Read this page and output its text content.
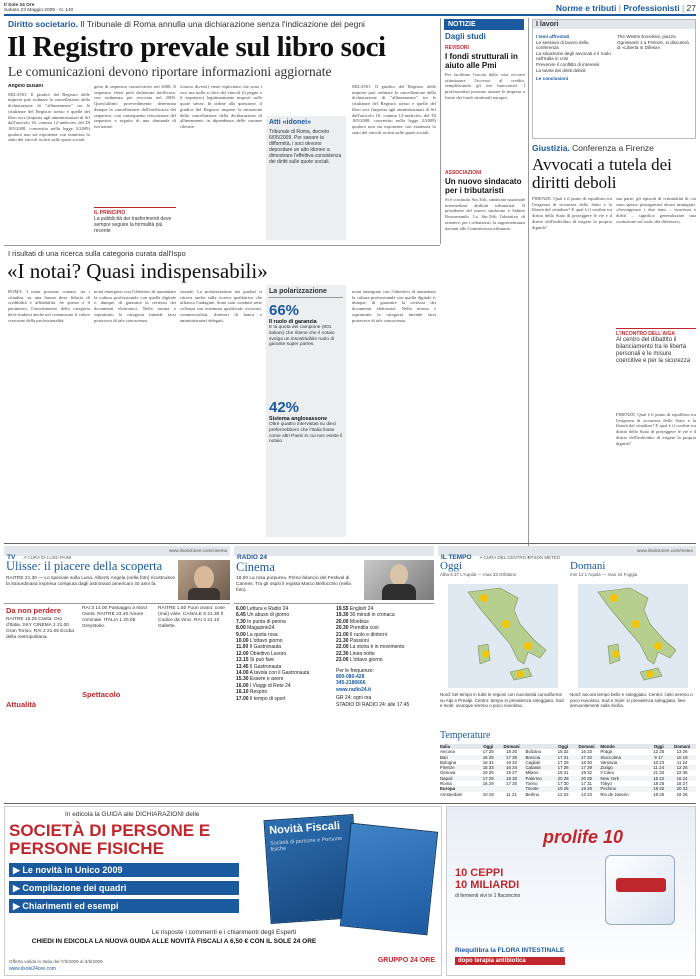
Il Sole 24 Ore
Sabato 23 Maggio 2009 - N. 140	Norme e tributi | Professionisti | 27
Diritto societario. Il Tribunale di Roma annulla una dichiarazione senza l'indicazione dei pegni
Il Registro prevale sul libro soci
Le comunicazioni devono riportare informazioni aggiornate
Angelo Busani

MILANO. Il giudice del Registro delle imprese può ordinare la cancellazione della dichiarazione di "allineamento" tra le risultanze del Registro stesso e quelle del libro soci (imposta agli amministratori di Srl dall'articolo 16, comma 12-undecies, del Dl 185/2008, convertito nella legge 2/2009) qualora non sia esponente con esattezza lo stato dei vincoli iscritti sulle quote sociali.

getto di sequestro conservativo nel 2008. Il sequestro viene però dichiarato inefficace, con ordinanza poi revocata nel 2009. Quest'ultimo provvedimento determina dunque la cancellazione dell'inefficacia del sequestro, con conseguente reiscrizione del sequestro a seguito di una domanda di iscrizione.
IL PRINCIPIO
La pubblicità dei trasferimenti deve sempre seguire la formalità più recente
fossero diversi) viene esplicitato che sono i soci ma nulla si dice dei vincoli (il pegno e il sequestro) legittimamente imposti sulle quote stesse. In ordine alla questione, il giudice del Registro impone la rimozione della cancellazione della dichiarazione di allineamento in dipendenza delle carenze rilevate.
Atti «idonei»
Tribunale di Roma, decreto 6/05/2009. Per sanare la difformità, i soci devono depositare un atto idoneo a dimostrare l'effettiva consistenza dei diritti sulle quote sociali.

MILANO. Il giudice del Registro delle imprese può ordinare la cancellazione della dichiarazione di "allineamento" tra le risultanze del Registro stesso e quelle del libro soci (imposta agli amministratori di Srl dall'articolo 16, comma 12-undecies, del Dl 185/2008, convertito nella legge 2/2009) qualora non sia esponente con esattezza lo stato dei vincoli iscritti sulle quote sociali.

NOTIZIE
Dagli studi
REVISORI
I fondi strutturali in aiuto alle Pmi
Per facilitare l'uscita dalla crisi occorre ottimizzare l'accesso al credito, semplificando gli iter burocratici. I professionisti possono aiutare le imprese a fruire dei fondi strutturali europei.
ASSOCIAZIONI
Un nuovo sindacato per i tributaristi
Si è costituito Sin.Trib, sindacato nazionale intermediari abilitati tributaristi. Il presidente del nuovo sindacato è Sabino Rossomando. Lo Sin.Trib l'obiettivo di ottenere, per i tributaristi, la rappresentanza davanti alle Commissioni tributarie.
I lavori
I temi affrontati
Le sessioni di lavoro della conferenza
La situazione degli avvocati e il ruolo nell'Italia in crisi
Prevenire il conflitto di interessi
La tutela dei diritti deboli
Le conclusioni
The Westin Excelsior, piazza Ognissanti 1 a Firenze, si discuterà di «Libertà in Difesa».
Giustizia. Conferenza a Firenze
Avvocati a tutela dei diritti deboli
FIRENZE. Qual è il punto di equilibrio tra l'esigenza di sicurezza dello Stato e la libertà del cittadino? E qual è il confine tra diritto dello Stato di proteggere le vie e il diritto dell'individuo di esigere la propria dignità?
sua parte, gli episodi di criminalità di cui sono spesso protagonisti alcuni immigrati. «Sovrapporre i due temi – sicurezza e diritti – significa generalizzare una confusione sul ruolo dei difensori».
L'INCONTRO DELL'AIGA
Al centro del dibattito il bilanciamento tra le libertà personali e le misure coercitive e per la sicurezza
FIRENZE. Qual è il punto di equilibrio tra l'esigenza di sicurezza dello Stato e la libertà del cittadino? E qual è il confine tra diritto dello Stato di proteggere le vie e il diritto dell'individuo di esigere la propria dignità?
I risultati di una ricerca sulla categoria curata dall'Ispo
«I notai? Quasi indispensabili»
ROMA. I notai possono contare, tra i cittadini, su una buona dose fiducia di credibilità e affidabilità. Se questo è il parametro, l'investimento della categoria deve tradursi anche nel comunicare il valore crescente della professionalità.
notai emergono con l'obiettivo di aumentare la cultura professionale con quella digitale e, dunque, di garantire la certezza dei documenti elettronici. Nella norma e soprattutto la categoria intende farsi portavoce di tale conoscenza.
sionale. La polarizzazione nei giudizi si ritrova anche sulla ricerca qualitativa che affianca l'indagine. Sono stati condotti sette colloqui con testimoni qualificati: avvocati, commercialisti, direttori di banca e amministratori delegati.
La polarizzazione
66%
Il ruolo di garanzia
È la quota del campione (801 italiani) che ritiene che il notaio svolga un insostituibile ruolo di garante super partes.
42%
Sistema anglosassone
Oltre quattro intervistati su dieci preferirebbero che l'Italia fosse come altri Paesi in cui non esiste il notaio
notai emergono con l'obiettivo di aumentare la cultura professionale con quella digitale e, dunque, di garantire la certezza dei documenti elettronici. Nella norma e soprattutto la categoria intende farsi portavoce di tale conoscenza.
TV A CURA DI LUIGI PAINI
www.ilsole24ore.com/cinema
RADIO 24	IL TEMPO A CURA DEL CENTRO EPSON METEO
www.ilsole24ore.com/meteo
Ulisse: il piacere della scoperta
RAITRE 21.30 — Lo speciale sulla Luna. Alberto Angela (nella foto) ricostruisce la straordinaria impresa compiuta dagli astronauti americani 40 anni fa.
Da non perdere
RAITRE 15.25 Civiltà: Oro d'Italia. SKY CINEMA 1 21.00 Gran Torino. RAI 2 21.05 Ecuba della metropolitana.
Attualità
RAI 3 14.00 Passaggio a Nord Ovest. RAITRE 23.40 Amore criminale. ITALIA 1 20.05 Greystoke.
Spettacolo
RAITRE 1.50 Fuori orario: cose (mai) viste. CANALE 5 21.30 Il Codice da Vinci. RAI 4 21.10 Gallette.
Cinema
18.00 La rosa purpurea. Primo bilancio del Festival di Cannes. Tra gli ospiti il regista Marco Bellocchio (nella foto).
6.00 Lettura e Radio 24
6.45 Un abuso di giorno
7.30 In punta di penna
8.00 Magazine24
9.00 La quota rosa
10.00 L'ottavo giorno
11.00 Il Gastronauta
12.00 Obiettivo Lavoro
13.15 Si può fare
13.45 Il Gastronauta
14.00 A tavola con il Gastronauta
15.30 Essere e avere
16.00 I Viaggi di Rete 24
16.10 Respiro
17.00 Il tempo di sport
19.55 English 24
19.30 30 minuti in cronaca
20.00 Moebius
20.30 Prendila così
21.00 Il ruolo e dintorni
21.30 Passioni
22.00 La storia è in movimento
22.30 Linea notte
23.00 L'ottavo giorno
Per le frequenze:
800-080-428
345-2186666
www.radio24.it
GR 24: ogni ora
STADIO DI RADIO 24: alle 17.45
Oggi
Alba 5.37 L'Aquila — max 33 Orbitano
Domani
min 12 L'Aquila — max 34 Foggia
Nord: bel tempo in tutte le regioni con nuvolosità cumuliforme su Alpi e Prealpi. Centro: tempo in prevalenza soleggiato. Sud e Isole: ovunque sereno o poco nuvoloso.
Nord: ancora tempo bello e soleggiato. Centro: cielo sereno o poco nuvoloso. Sud e Isole: in prevalenza soleggiato, lievi annuvolamenti sulla Sicilia.
Temperature
Italia	Oggi	Domani		Oggi	Domani	Mondo	Oggi	Domani
Ancona	17 28	18 30	Bolzano	15 32	16 33	Praga	12 25	13 26
Bari	16 29	17 30	Brescia	17 31	17 32	Stoccolma	9 17	10 19
Bologna	18 31	19 32	Cagliari	17 29	18 30	Varsavia	10 23	11 24
Firenze	15 33	16 34	Catania	17 28	17 29	Zurigo	11 24	12 25
Genova	19 26	19 27	Milano	18 31	19 32	Il Cairo	21 34	22 35
Napoli	17 29	18 30	Palermo	20 28	20 29	New York	15 22	16 24
Roma	16 29	17 30	Torino	17 30	17 31	Tokyo	18 25	18 27
Europa			Trieste	19 28	19 29	Pechino	19 32	20 33
Amsterdam	10 19	11 21	Berlino	12 22	12 23	Rio de Janeiro	18 25	19 26
In edicola la GUIDA alle DICHIARAZIONI delle
SOCIETÀ DI PERSONE E PERSONE FISICHE
▶ Le novità in Unico 2009
▶ Compilazione dei quadri
▶ Chiarimenti ed esempi
Novità Fiscali
Società di persone e Persone fisiche
Le risposte i commenti e i chiarimenti degli Esperti
CHIEDI IN EDICOLA LA NUOVA GUIDA ALLE NOVITÀ FISCALI A 6,50 € CON IL SOLE 24 ORE
Offerta valida in Italia dal 7/5/2009 al 3/6/2009
www.ilsole24ore.com
GRUPPO 24 ORE
prolife 10
10 CEPPI
10 MILIARDI
di fermenti vivi in 1 flaconcino
Riequilibra la FLORA INTESTINALE
dopo terapia antibiotica
